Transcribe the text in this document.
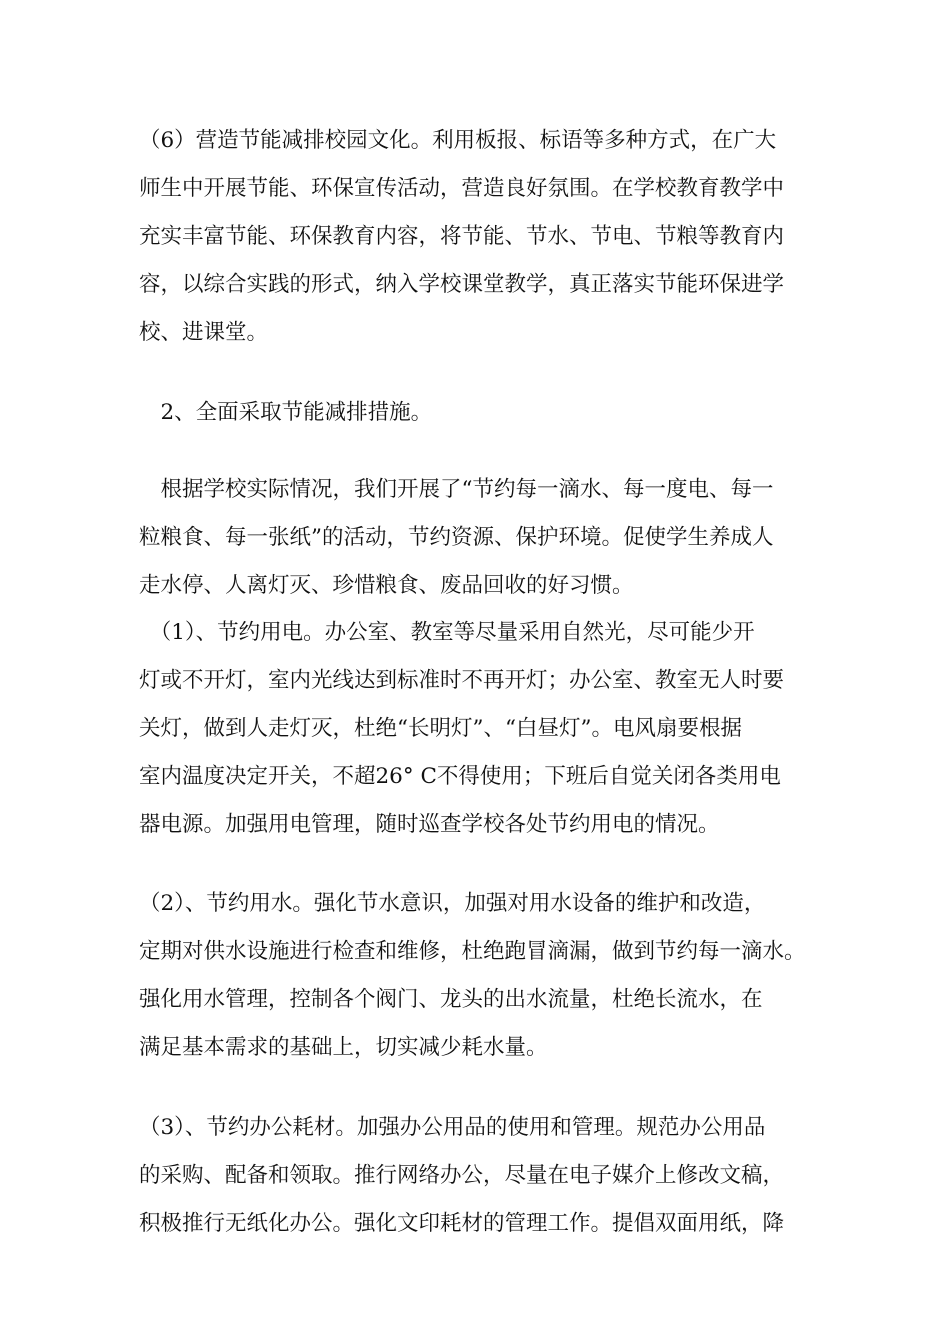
（6）营造节能减排校园文化。利用板报、标语等多种方式，在广大
师生中开展节能、环保宣传活动，营造良好氛围。在学校教育教学中
充实丰富节能、环保教育内容，将节能、节水、节电、节粮等教育内
容，以综合实践的形式，纳入学校课堂教学，真正落实节能环保进学
校、进课堂。

　2、全面采取节能减排措施。

　根据学校实际情况，我们开展了“节约每一滴水、每一度电、每一
粒粮食、每一张纸”的活动，节约资源、保护环境。促使学生养成人
走水停、人离灯灭、珍惜粮食、废品回收的好习惯。

　（1）、节约用电。办公室、教室等尽量采用自然光，尽可能少开
灯或不开灯，室内光线达到标准时不再开灯；办公室、教室无人时要
关灯，做到人走灯灭，杜绝“长明灯”、“白昼灯”。电风扇要根据
室内温度决定开关，不超26° C不得使用；下班后自觉关闭各类用电
器电源。加强用电管理，随时巡查学校各处节约用电的情况。

（2）、节约用水。强化节水意识，加强对用水设备的维护和改造，
定期对供水设施进行检查和维修，杜绝跑冒滴漏，做到节约每一滴水。
强化用水管理，控制各个阀门、龙头的出水流量，杜绝长流水，在
满足基本需求的基础上，切实减少耗水量。

（3）、节约办公耗材。加强办公用品的使用和管理。规范办公用品
的采购、配备和领取。推行网络办公，尽量在电子媒介上修改文稿，
积极推行无纸化办公。强化文印耗材的管理工作。提倡双面用纸，降
